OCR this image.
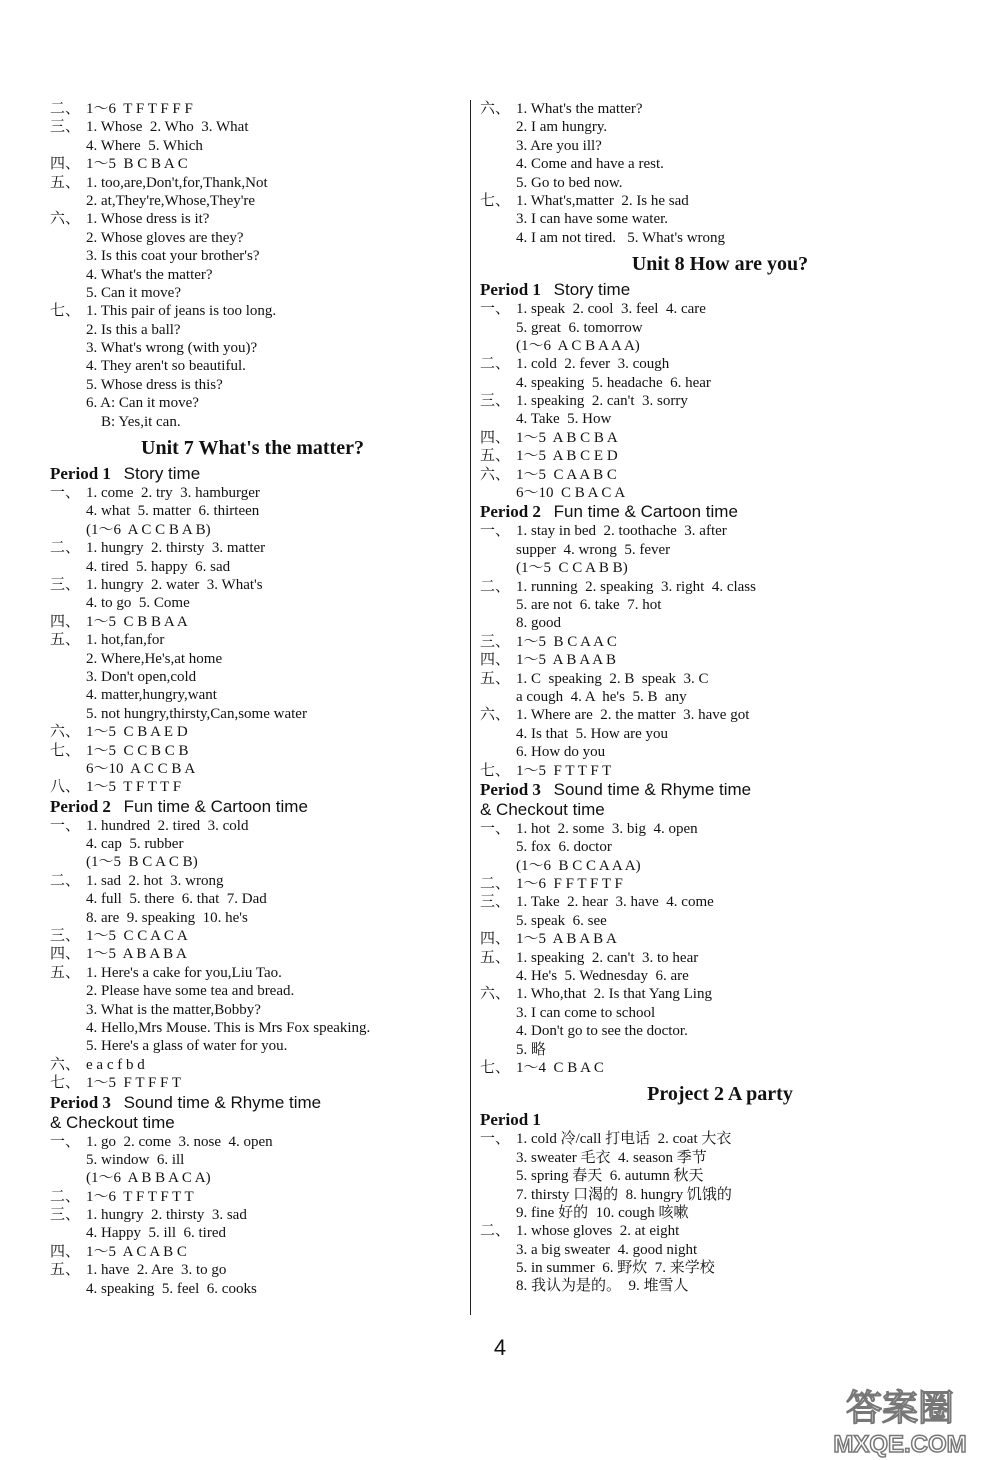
二、 1～6  T F T F F F
三、 1. Whose  2. Who  3. What
4. Where  5. Which
四、 1～5  B C B A C
五、 1. too,are,Don't,for,Thank,Not
2. at,They're,Whose,They're
六、 1. Whose dress is it?
2. Whose gloves are they?
3. Is this coat your brother's?
4. What's the matter?
5. Can it move?
七、 1. This pair of jeans is too long.
2. Is this a ball?
3. What's wrong (with you)?
4. They aren't so beautiful.
5. Whose dress is this?
6. A: Can it move?
B: Yes,it can.
Unit 7 What's the matter?
Period 1 Story time
一、 1. come  2. try  3. hamburger
4. what  5. matter  6. thirteen
(1～6  A C C B A B)
二、 1. hungry  2. thirsty  3. matter
4. tired  5. happy  6. sad
三、 1. hungry  2. water  3. What's
4. to go  5. Come
四、 1～5  C B B A A
五、 1. hot,fan,for
2. Where,He's,at home
3. Don't open,cold
4. matter,hungry,want
5. not hungry,thirsty,Can,some water
六、 1～5  C B A E D
七、 1～5  C C B C B
6～10  A C C B A
八、 1～5  T F T T F
Period 2 Fun time & Cartoon time
一、 1. hundred  2. tired  3. cold
4. cap  5. rubber
(1～5  B C A C B)
二、 1. sad  2. hot  3. wrong
4. full  5. there  6. that  7. Dad
8. are  9. speaking  10. he's
三、 1～5  C C A C A
四、 1～5  A B A B A
五、 1. Here's a cake for you,Liu Tao.
2. Please have some tea and bread.
3. What is the matter,Bobby?
4. Hello,Mrs Mouse. This is Mrs Fox speaking.
5. Here's a glass of water for you.
六、 e a c f b d
七、 1～5  F T F F T
Period 3 Sound time & Rhyme time
& Checkout time
一、 1. go  2. come  3. nose  4. open
5. window  6. ill
(1～6  A B B A C A)
二、 1～6  T F T F T T
三、 1. hungry  2. thirsty  3. sad
4. Happy  5. ill  6. tired
四、 1～5  A C A B C
五、 1. have  2. Are  3. to go
4. speaking  5. feel  6. cooks
六、 1. What's the matter?
2. I am hungry.
3. Are you ill?
4. Come and have a rest.
5. Go to bed now.
七、 1. What's,matter  2. Is he sad
3. I can have some water.
4. I am not tired.   5. What's wrong
Unit 8 How are you?
Period 1 Story time
一、 1. speak  2. cool  3. feel  4. care
5. great  6. tomorrow
(1～6  A C B A A A)
二、 1. cold  2. fever  3. cough
4. speaking  5. headache  6. hear
三、 1. speaking  2. can't  3. sorry
4. Take  5. How
四、 1～5  A B C B A
五、 1～5  A B C E D
六、 1～5  C A A B C
6～10  C B A C A
Period 2 Fun time & Cartoon time
一、 1. stay in bed  2. toothache  3. after
supper  4. wrong  5. fever
(1～5  C C A B B)
二、 1. running  2. speaking  3. right  4. class
5. are not  6. take  7. hot
8. good
三、 1～5  B C A A C
四、 1～5  A B A A B
五、 1. C  speaking  2. B  speak  3. C
a cough  4. A  he's  5. B  any
六、 1. Where are  2. the matter  3. have got
4. Is that  5. How are you
6. How do you
七、 1～5  F T T F T
Period 3 Sound time & Rhyme time
& Checkout time
一、 1. hot  2. some  3. big  4. open
5. fox  6. doctor
(1～6  B C C A A A)
二、 1～6  F F T F T F
三、 1. Take  2. hear  3. have  4. come
5. speak  6. see
四、 1～5  A B A B A
五、 1. speaking  2. can't  3. to hear
4. He's  5. Wednesday  6. are
六、 1. Who,that  2. Is that Yang Ling
3. I can come to school
4. Don't go to see the doctor.
5. 略
七、 1～4  C B A C
Project 2 A party
Period 1
一、 1. cold 冷/call 打电话  2. coat 大衣
3. sweater 毛衣  4. season 季节
5. spring 春天  6. autumn 秋天
7. thirsty 口渴的  8. hungry 饥饿的
9. fine 好的  10. cough 咳嗽
二、 1. whose gloves  2. at eight
3. a big sweater  4. good night
5. in summer  6. 野炊  7. 来学校
8. 我认为是的。  9. 堆雪人
4
答案圈
MXQE.COM
